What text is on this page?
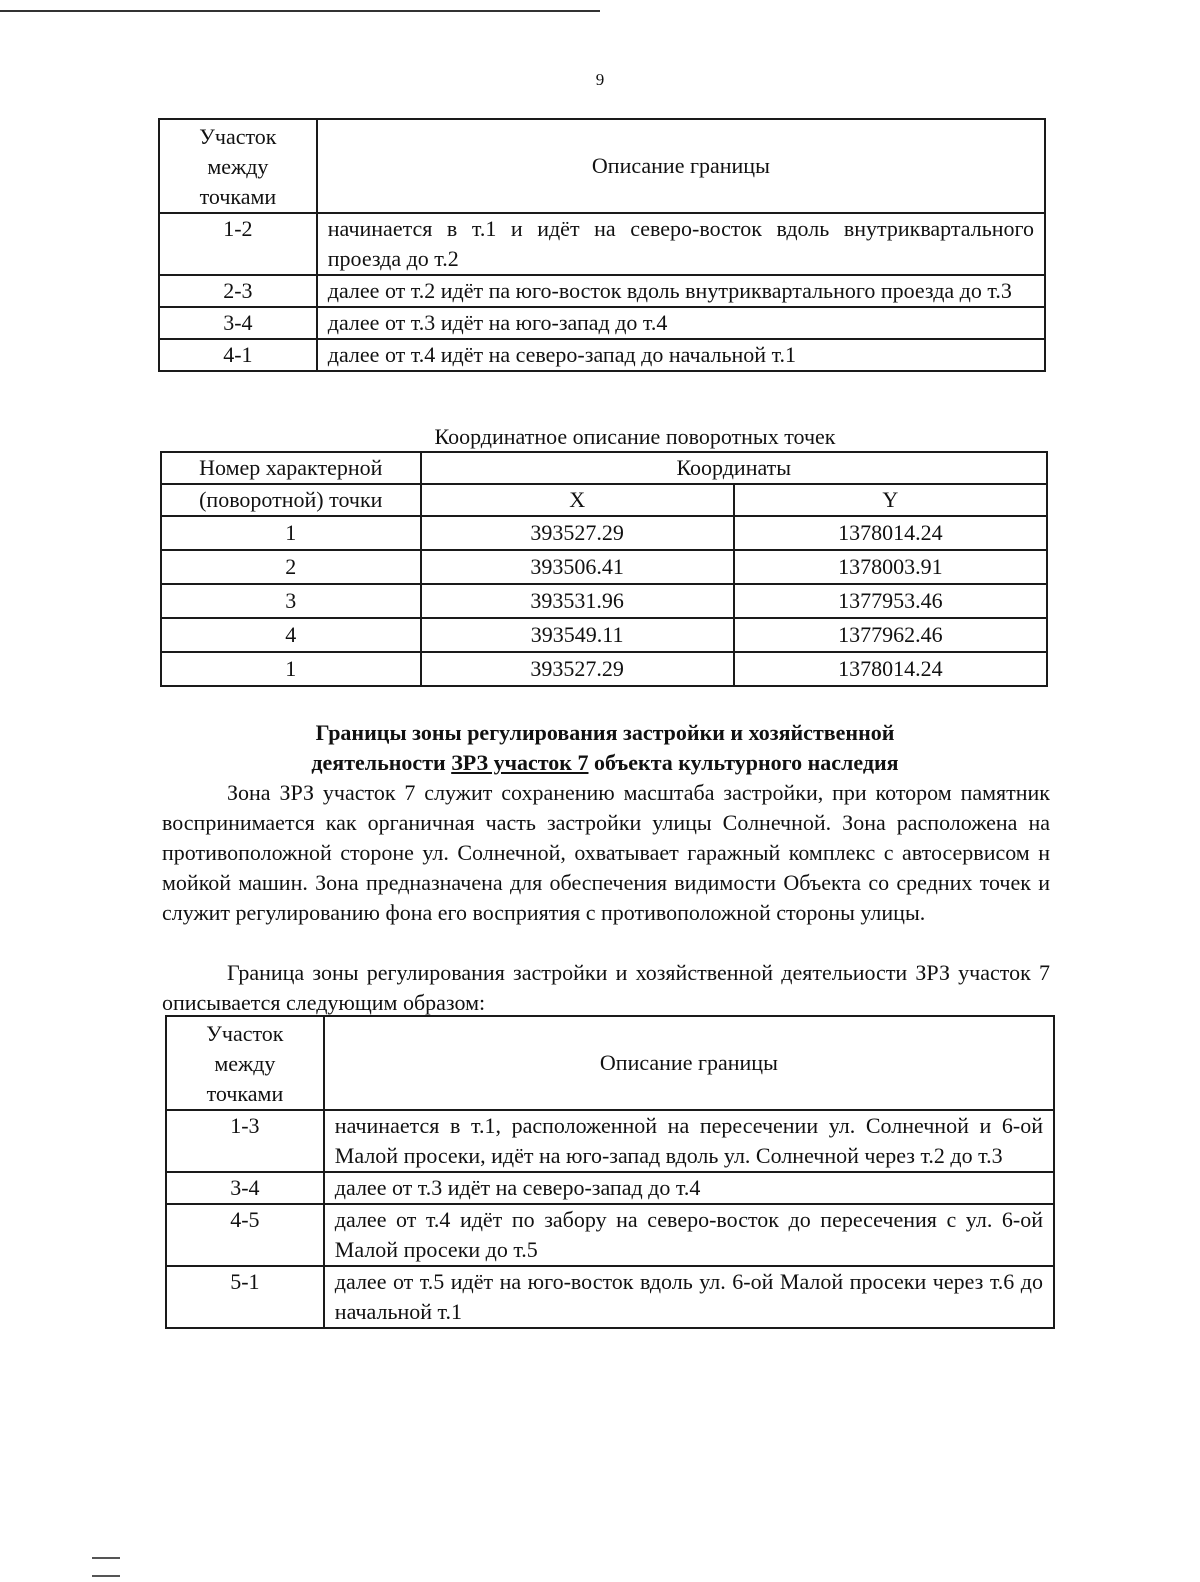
9
Участок между точками	Описание границы
1-2	начинается в т.1 и идёт на северо-восток вдоль внутриквартального проезда до т.2
2-3	далее от т.2 идёт па юго-восток вдоль внутриквартального проезда до т.3
3-4	далее от т.3 идёт на юго-запад до т.4
4-1	далее от т.4 идёт на северо-запад до начальной т.1
Координатное описание поворотных точек
Номер характерной	Координаты	
(поворотной) точки	X	Y
1	393527.29	1378014.24
2	393506.41	1378003.91
3	393531.96	1377953.46
4	393549.11	1377962.46
1	393527.29	1378014.24
Границы зоны регулирования застройки и хозяйственной
деятельности ЗРЗ участок 7 объекта культурного наследия

Зона ЗРЗ участок 7 служит сохранению масштаба застройки, при котором памятник воспринимается как органичная часть застройки улицы Солнечной. Зона расположена на противоположной стороне ул. Солнечной, охватывает гаражный комплекс с автосервисом н мойкой машин. Зона предназначена для обеспечения видимости Объекта со средних точек и служит регулированию фона его восприятия с противоположной стороны улицы.

Граница зоны регулирования застройки и хозяйственной деятельиости ЗРЗ участок 7 описывается следующим образом:

Участок между точками	Описание границы
1-3	начинается в т.1, расположенной на пересечении ул. Солнечной и 6-ой Малой просеки, идёт на юго-запад вдоль ул. Солнечной через т.2 до т.3
3-4	далее от т.3 идёт на северо-запад до т.4
4-5	далее от т.4 идёт по забору на северо-восток до пересечения с ул. 6-ой Малой просеки до т.5
5-1	далее от т.5 идёт на юго-восток вдоль ул. 6-ой Малой просеки через т.6 до начальной т.1
